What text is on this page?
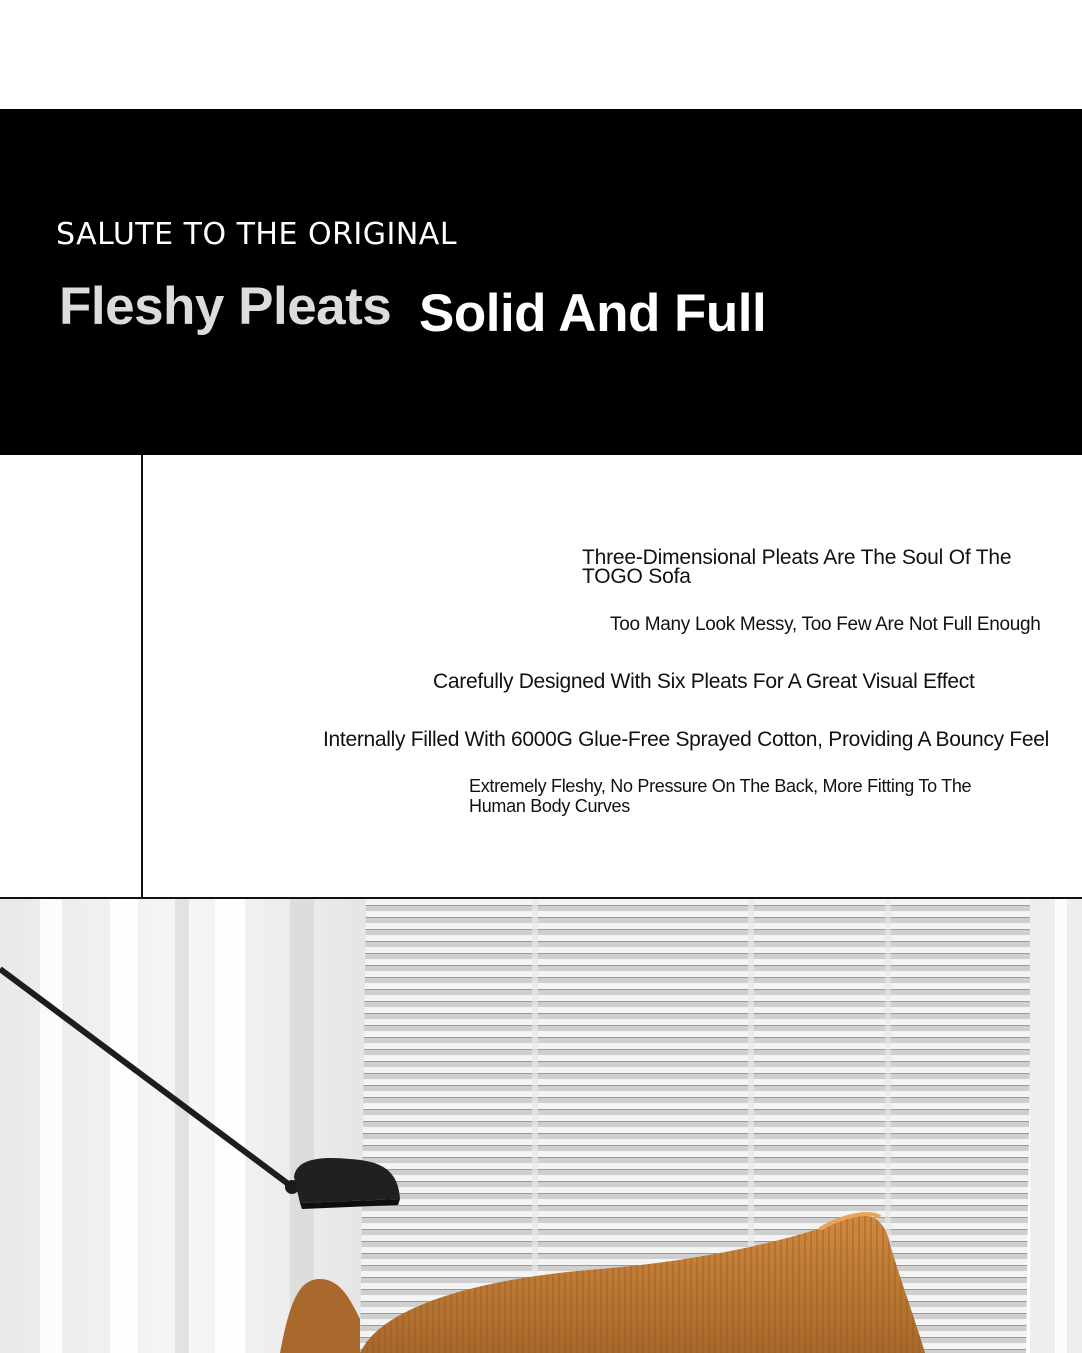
SALUTE TO THE ORIGINAL
Fleshy Pleats Solid And Full

Three-Dimensional Pleats Are The Soul Of The TOGO Sofa

Too Many Look Messy, Too Few Are Not Full Enough

Carefully Designed With Six Pleats For A Great Visual Effect

Internally Filled With 6000G Glue-Free Sprayed Cotton, Providing A Bouncy Feel

Extremely Fleshy, No Pressure On The Back, More Fitting To The Human Body Curves
